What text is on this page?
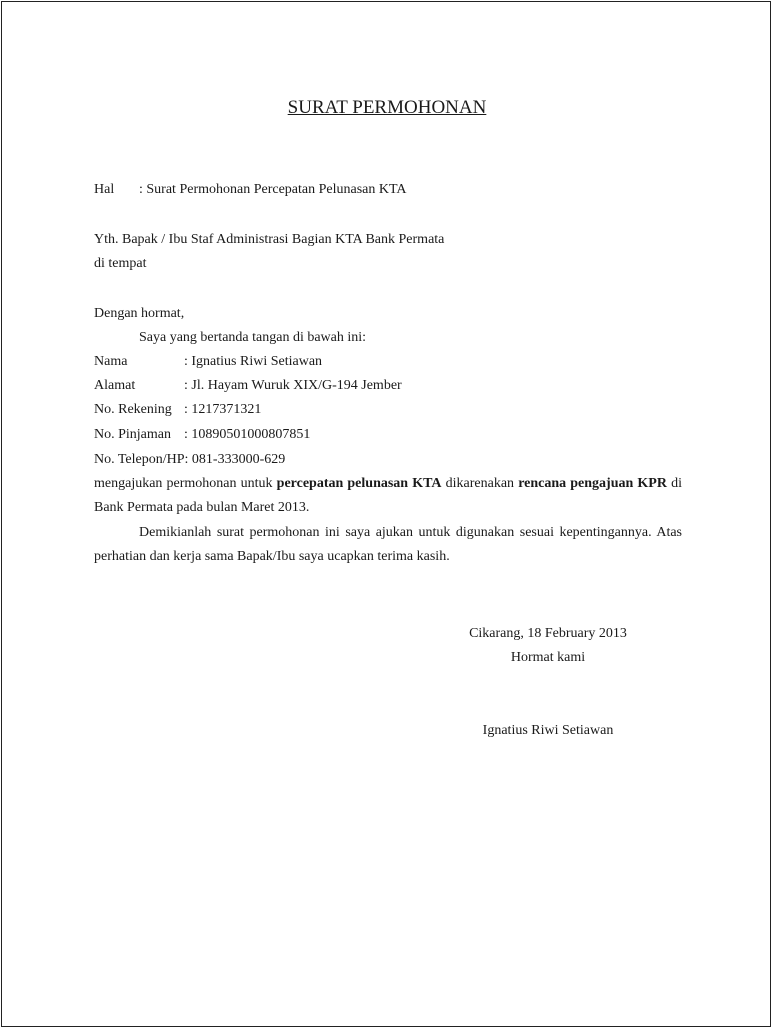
SURAT PERMOHONAN
Hal : Surat Permohonan Percepatan Pelunasan KTA
Yth. Bapak / Ibu Staf Administrasi Bagian KTA Bank Permata
di tempat
Dengan hormat,
Saya yang bertanda tangan di bawah ini:
Nama	: Ignatius Riwi Setiawan
Alamat	: Jl. Hayam Wuruk XIX/G-194 Jember
No. Rekening : 1217371321
No. Pinjaman : 10890501000807851
No. Telepon/HP: 081-333000-629
mengajukan permohonan untuk percepatan pelunasan KTA dikarenakan rencana pengajuan KPR di Bank Permata pada bulan Maret 2013.
Demikianlah surat permohonan ini saya ajukan untuk digunakan sesuai kepentingannya. Atas perhatian dan kerja sama Bapak/Ibu saya ucapkan terima kasih.
Cikarang, 18 February 2013
Hormat kami
Ignatius Riwi Setiawan
